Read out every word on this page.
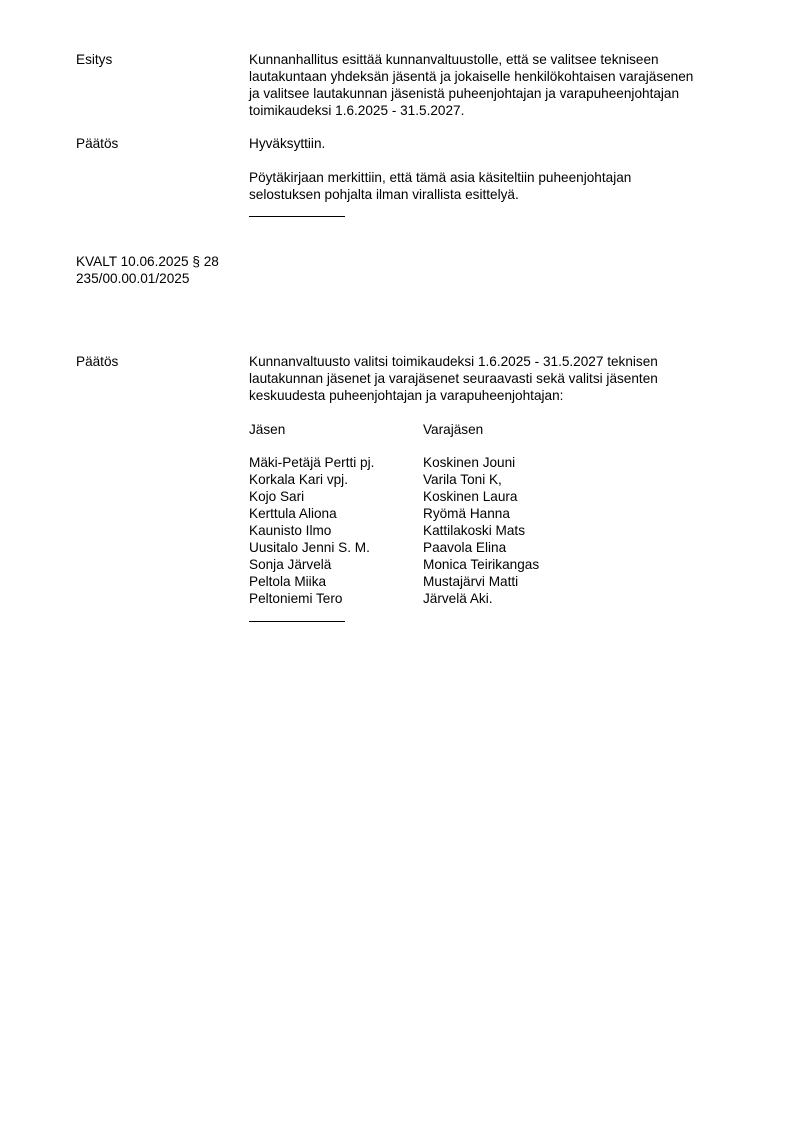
Esitys	Kunnanhallitus esittää kunnanvaltuustolle, että se valitsee tekniseen
lautakuntaan yhdeksän jäsentä ja jokaiselle henkilökohtaisen varajäsenen
ja valitsee lautakunnan jäsenistä puheenjohtajan ja varapuheenjohtajan
toimikaudeksi 1.6.2025 - 31.5.2027.
Päätös	Hyväksyttiin.
Pöytäkirjaan merkittiin, että tämä asia käsiteltiin puheenjohtajan
selostuksen pohjalta ilman virallista esittelyä.
KVALT 10.06.2025 § 28
235/00.00.01/2025
Päätös	Kunnanvaltuusto valitsi toimikaudeksi 1.6.2025 - 31.5.2027 teknisen
lautakunnan jäsenet ja varajäsenet seuraavasti sekä valitsi jäsenten
keskuudesta puheenjohtajan ja varapuheenjohtajan:
Jäsen	Varajäsen
Mäki-Petäjä Pertti pj.	Koskinen Jouni
Korkala Kari vpj.	Varila Toni K,
Kojo Sari	Koskinen Laura
Kerttula Aliona	Ryömä Hanna
Kaunisto Ilmo	Kattilakoski Mats
Uusitalo Jenni S. M.	Paavola Elina
Sonja Järvelä	Monica Teirikangas
Peltola Miika	Mustajärvi Matti
Peltoniemi Tero	Järvelä Aki.
